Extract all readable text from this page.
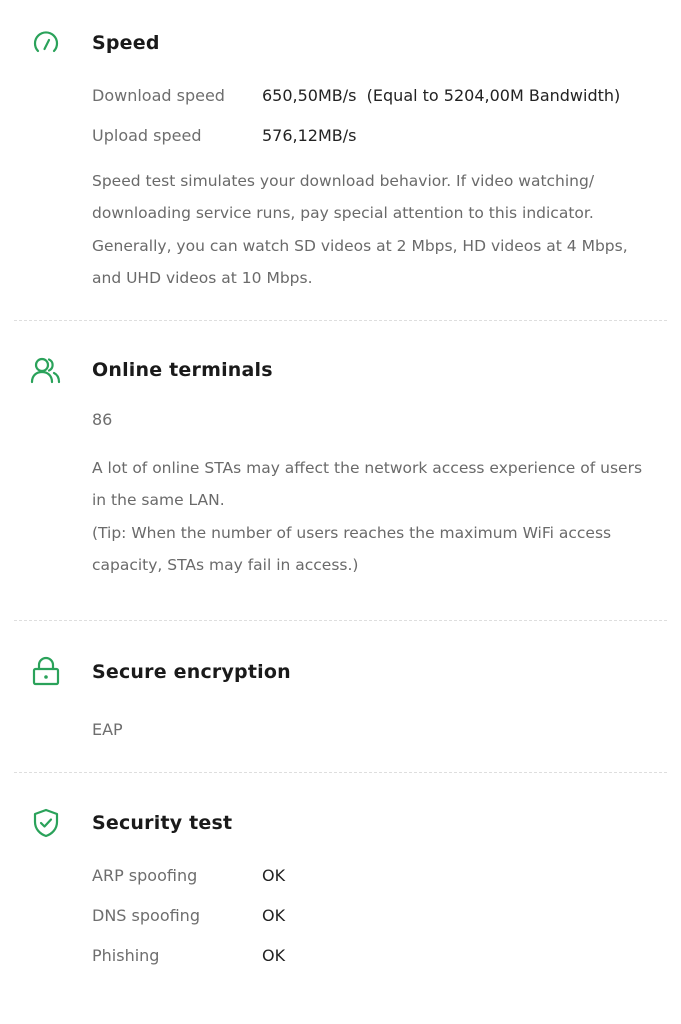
Speed
Download speed	650,50MB/s  (Equal to 5204,00M Bandwidth)
Upload speed	576,12MB/s
Speed test simulates your download behavior. If video watching/ downloading service runs, pay special attention to this indicator. Generally, you can watch SD videos at 2 Mbps, HD videos at 4 Mbps, and UHD videos at 10 Mbps.
Online terminals
86
A lot of online STAs may affect the network access experience of users in the same LAN.
(Tip: When the number of users reaches the maximum WiFi access capacity, STAs may fail in access.)
Secure encryption
EAP
Security test
ARP spoofing	OK
DNS spoofing	OK
Phishing	OK
